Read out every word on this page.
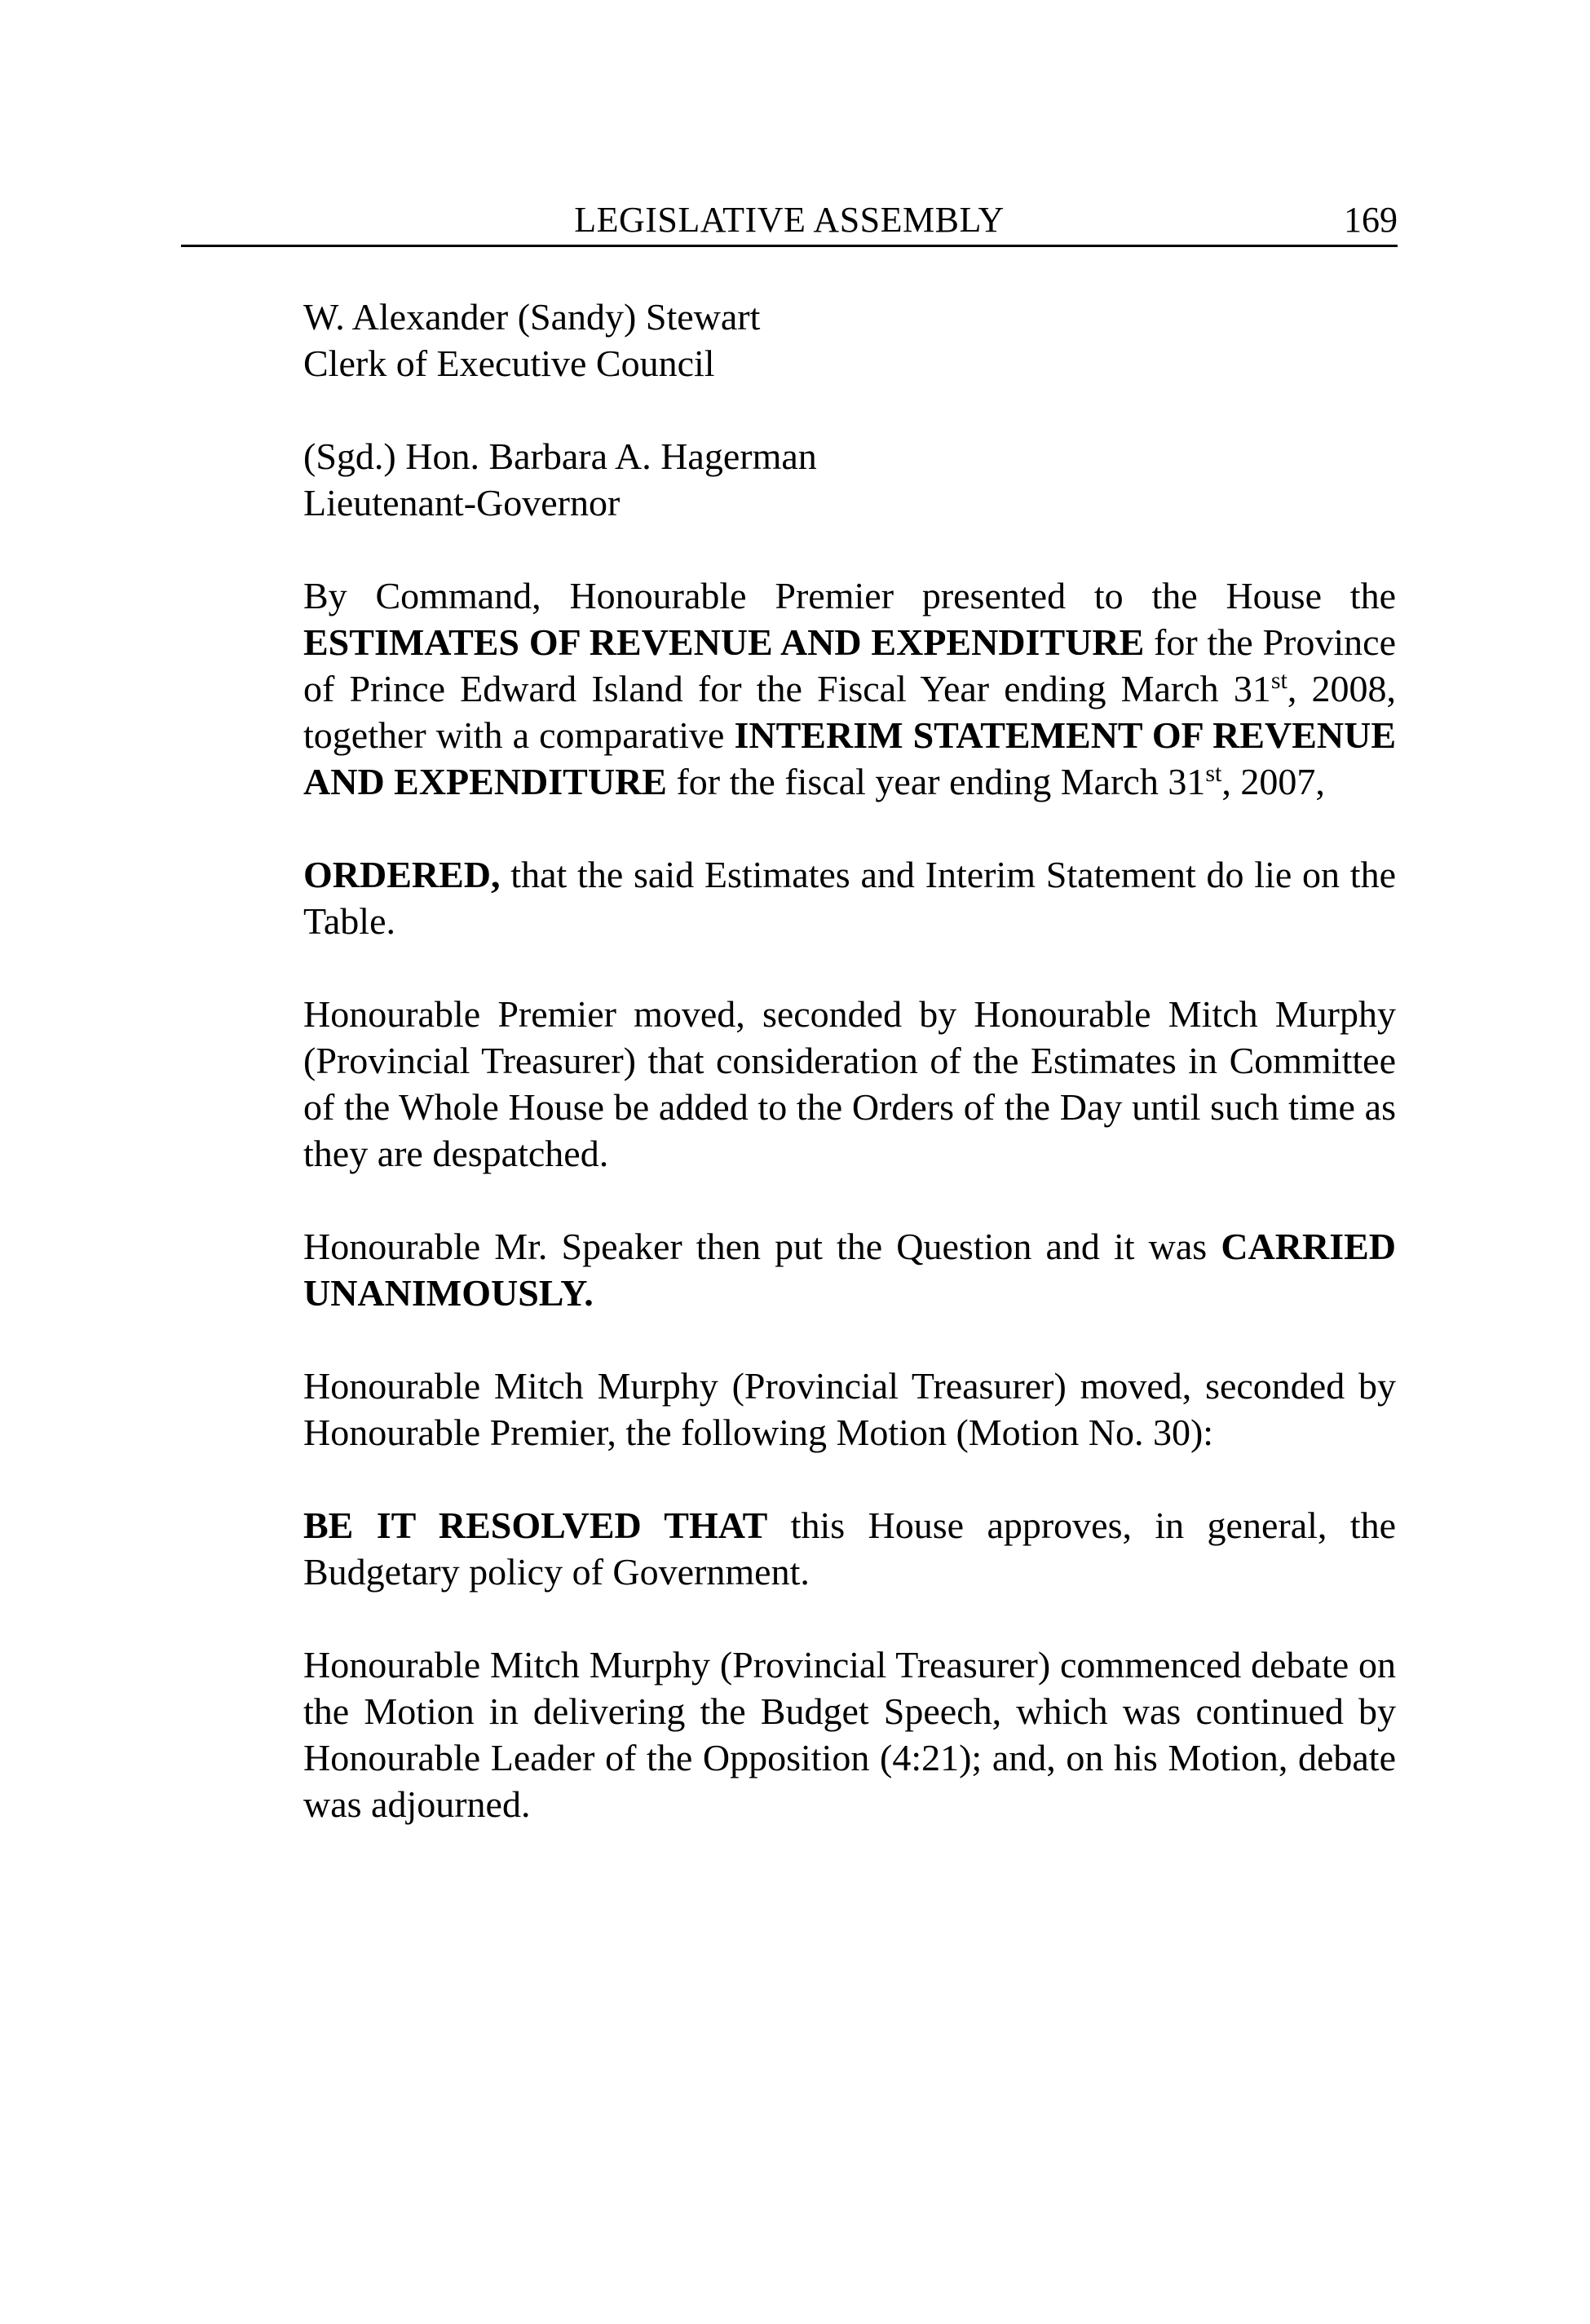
LEGISLATIVE ASSEMBLY	169

W. Alexander (Sandy) Stewart

Clerk of Executive Council

(Sgd.) Hon. Barbara A. Hagerman

Lieutenant-Governor

By Command, Honourable Premier presented to the House the ESTIMATES OF REVENUE AND EXPENDITURE for the Province of Prince Edward Island for the Fiscal Year ending March 31st, 2008, together with a comparative INTERIM STATEMENT OF REVENUE AND EXPENDITURE for the fiscal year ending March 31st, 2007,

ORDERED, that the said Estimates and Interim Statement do lie on the Table.

Honourable Premier moved, seconded by Honourable Mitch Murphy (Provincial Treasurer) that consideration of the Estimates in Committee of the Whole House be added to the Orders of the Day until such time as they are despatched.

Honourable Mr. Speaker then put the Question and it was CARRIED UNANIMOUSLY.

Honourable Mitch Murphy (Provincial Treasurer) moved, seconded by Honourable Premier, the following Motion (Motion No. 30):

BE IT RESOLVED THAT this House approves, in general, the Budgetary policy of Government.

Honourable Mitch Murphy (Provincial Treasurer) commenced debate on the Motion in delivering the Budget Speech, which was continued by Honourable Leader of the Opposition (4:21); and, on his Motion, debate was adjourned.
